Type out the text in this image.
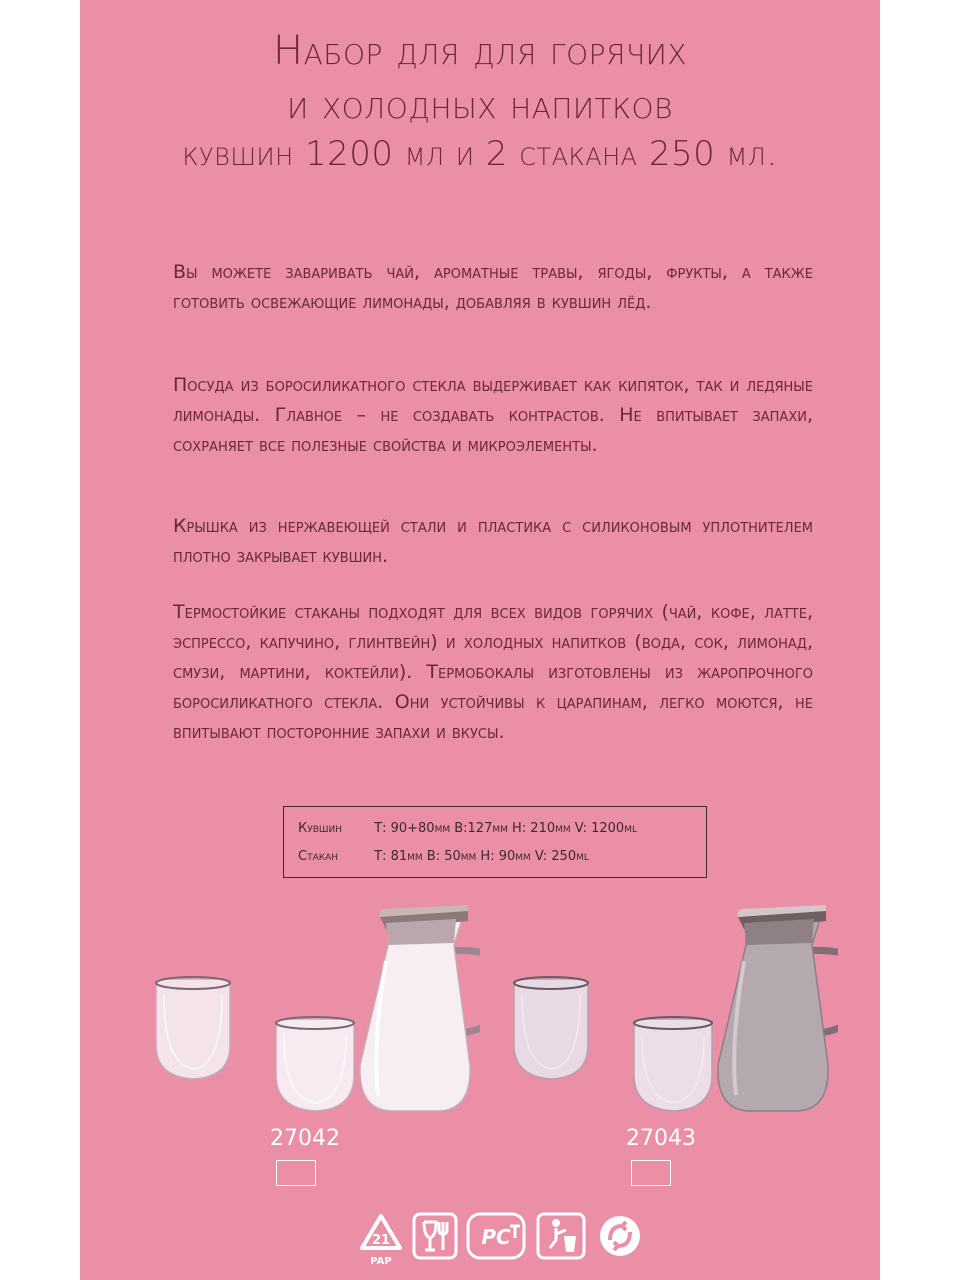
Набор для для горячих
и холодных напитков
кувшин 1200 мл и 2 стакана 250 мл.

Вы можете заваривать чай, ароматные травы, ягоды, фрукты, а также готовить освежающие лимонады, добавляя в кувшин лёд.

Посуда из боросиликатного стекла выдерживает как кипяток, так и ледяные лимонады. Главное – не создавать контрастов. Не впитывает запахи, сохраняет все полезные свойства и микроэлементы.

Крышка из нержавеющей стали и пластика с силиконовым уплотнителем плотно закрывает кувшин.

Термостойкие стаканы подходят для всех видов горячих (чай, кофе, латте, эспрессо, капучино, глинтвейн) и холодных напитков (вода, сок, лимонад, смузи, мартини, коктейли). Термобокалы изготовлены из жаропрочного боросиликатного стекла. Они устойчивы к царапинам, легко моются, не впитывают посторонние запахи и вкусы.

Кувшин Т: 90+80мм В:127мм Н: 210мм V: 1200ml
Стакан	Т: 81мм В: 50мм Н: 90мм V: 250ml
27042	27043
21
PAP
PC
